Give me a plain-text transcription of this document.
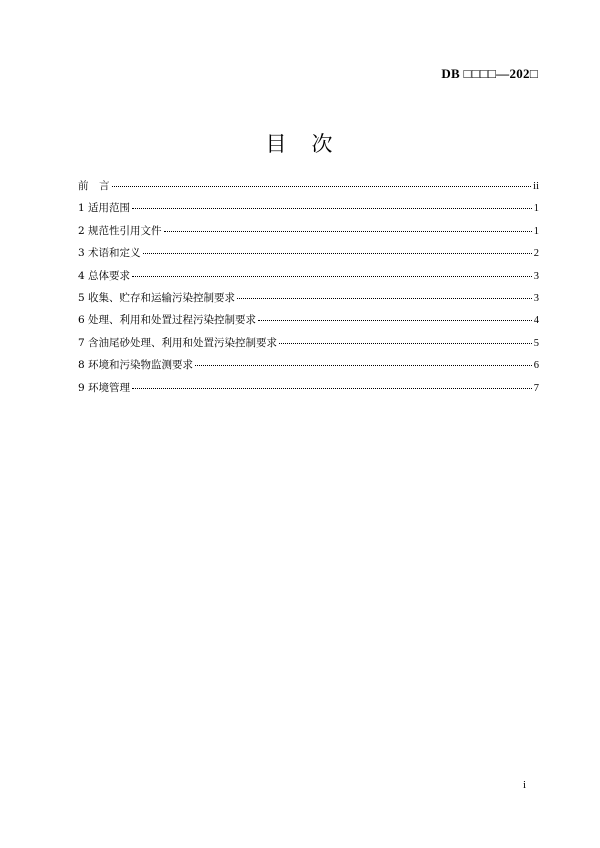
DB □□□□—202□
目　次
前　言	ii
1 适用范围	1
2 规范性引用文件	1
3 术语和定义	2
4 总体要求	3
5 收集、贮存和运输污染控制要求	3
6 处理、利用和处置过程污染控制要求	4
7 含油尾砂处理、利用和处置污染控制要求	5
8 环境和污染物监测要求	6
9 环境管理	7
i
